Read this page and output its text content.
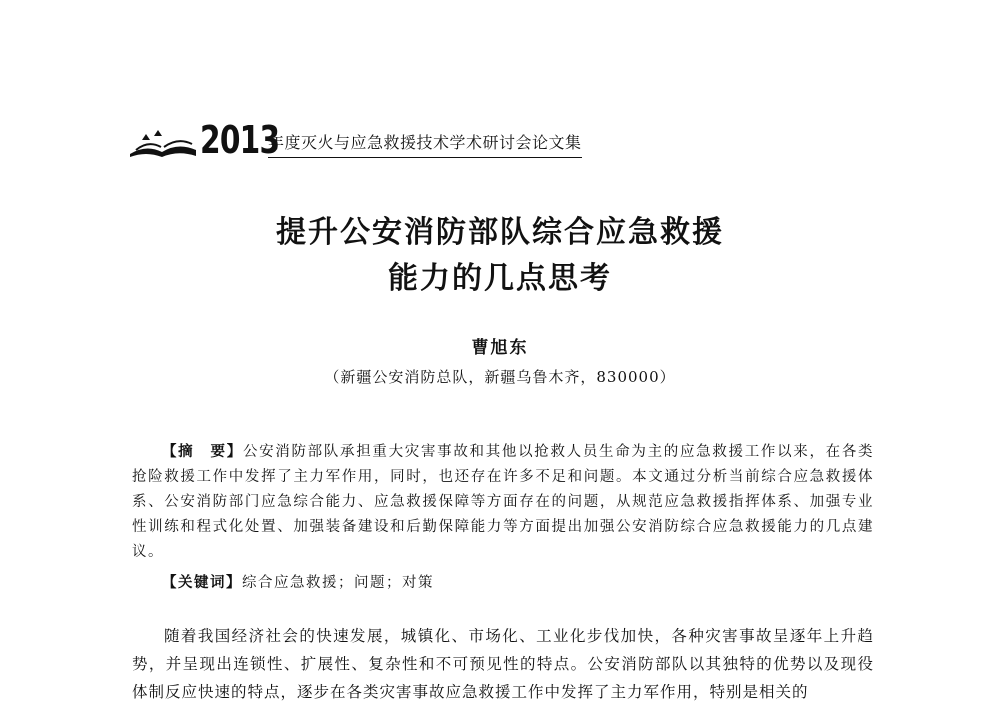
2013
年度灭火与应急救援技术学术研讨会论文集
提升公安消防部队综合应急救援
能力的几点思考
曹旭东
（新疆公安消防总队，新疆乌鲁木齐，830000）
【摘　要】公安消防部队承担重大灾害事故和其他以抢救人员生命为主的应急救援工作以来，在各类抢险救援工作中发挥了主力军作用，同时，也还存在许多不足和问题。本文通过分析当前综合应急救援体系、公安消防部门应急综合能力、应急救援保障等方面存在的问题，从规范应急救援指挥体系、加强专业性训练和程式化处置、加强装备建设和后勤保障能力等方面提出加强公安消防综合应急救援能力的几点建议。
【关键词】综合应急救援；问题；对策
随着我国经济社会的快速发展，城镇化、市场化、工业化步伐加快，各种灾害事故呈逐年上升趋势，并呈现出连锁性、扩展性、复杂性和不可预见性的特点。公安消防部队以其独特的优势以及现役体制反应快速的特点，逐步在各类灾害事故应急救援工作中发挥了主力军作用，特别是相关的
